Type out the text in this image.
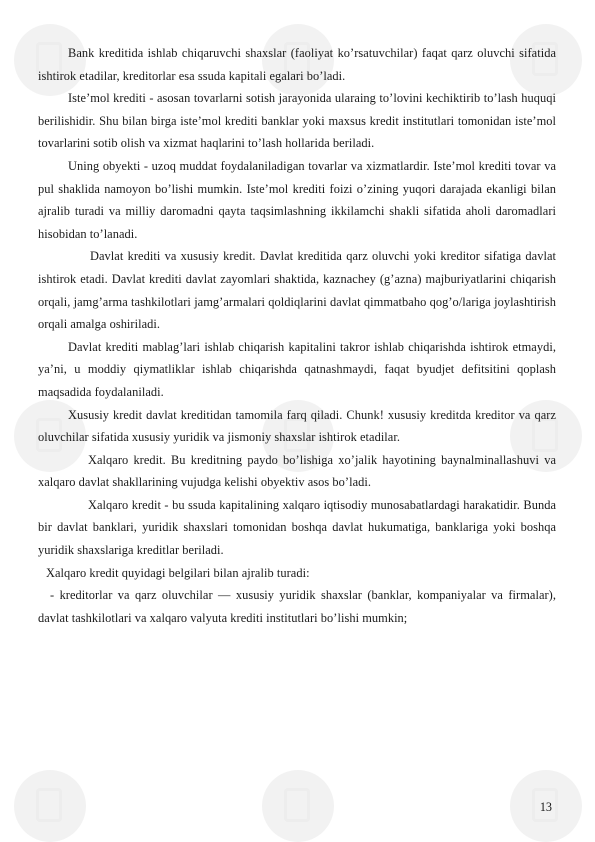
Bank kreditida ishlab chiqaruvchi shaxslar (faoliyat ko’rsatuvchilar) faqat qarz oluvchi sifatida ishtirok etadilar, kreditorlar esa ssuda kapitali egalari bo’ladi.

Iste’mol krediti - asosan tovarlarni sotish jarayonida ularaing to’lovini kechiktirib to’lash huquqi berilishidir. Shu bilan birga iste’mol krediti banklar yoki maxsus kredit institutlari tomonidan iste’mol tovarlarini sotib olish va xizmat haqlarini to’lash hollarida beriladi.

Uning obyekti - uzoq muddat foydalaniladigan tovarlar va xizmatlardir. Iste’mol krediti tovar va pul shaklida namoyon bo’lishi mumkin. Iste’mol krediti foizi o’zining yuqori darajada ekanligi bilan ajralib turadi va milliy daromadni qayta taqsimlashning ikkilamchi shakli sifatida aholi daromadlari hisobidan to’lanadi.

Davlat krediti va xususiy kredit. Davlat kreditida qarz oluvchi yoki kreditor sifatiga davlat ishtirok etadi. Davlat krediti davlat zayomlari shaktida, kaznachey (g’azna) majburiyatlarini chiqarish orqali, jamg’arma tashkilotlari jamg’armalari qoldiqlarini davlat qimmatbaho qog’o/lariga joylashtirish orqali amalga oshiriladi.

Davlat krediti mablag’lari ishlab chiqarish kapitalini takror ishlab chiqarishda ishtirok etmaydi, ya’ni, u moddiy qiymatliklar ishlab chiqarishda qatnashmaydi, faqat byudjet defitsitini qoplash maqsadida foydalaniladi.

Xususiy kredit davlat kreditidan tamomila farq qiladi. Chunk! xususiy kreditda kreditor va qarz oluvchilar sifatida xususiy yuridik va jismoniy shaxslar ishtirok etadilar.

Xalqaro kredit. Bu kreditning paydo bo’lishiga xo’jalik hayotining baynalminallashuvi va xalqaro davlat shakllarining vujudga kelishi obyektiv asos bo’ladi.

Xalqaro kredit - bu ssuda kapitalining xalqaro iqtisodiy munosabatlardagi harakatidir. Bunda bir davlat banklari, yuridik shaxslari tomonidan boshqa davlat hukumatiga, banklariga yoki boshqa yuridik shaxslariga kreditlar beriladi.

Xalqaro kredit quyidagi belgilari bilan ajralib turadi:

- kreditorlar va qarz oluvchilar — xususiy yuridik shaxslar (banklar, kompaniyalar va firmalar), davlat tashkilotlari va xalqaro valyuta krediti institutlari bo’lishi mumkin;

13
